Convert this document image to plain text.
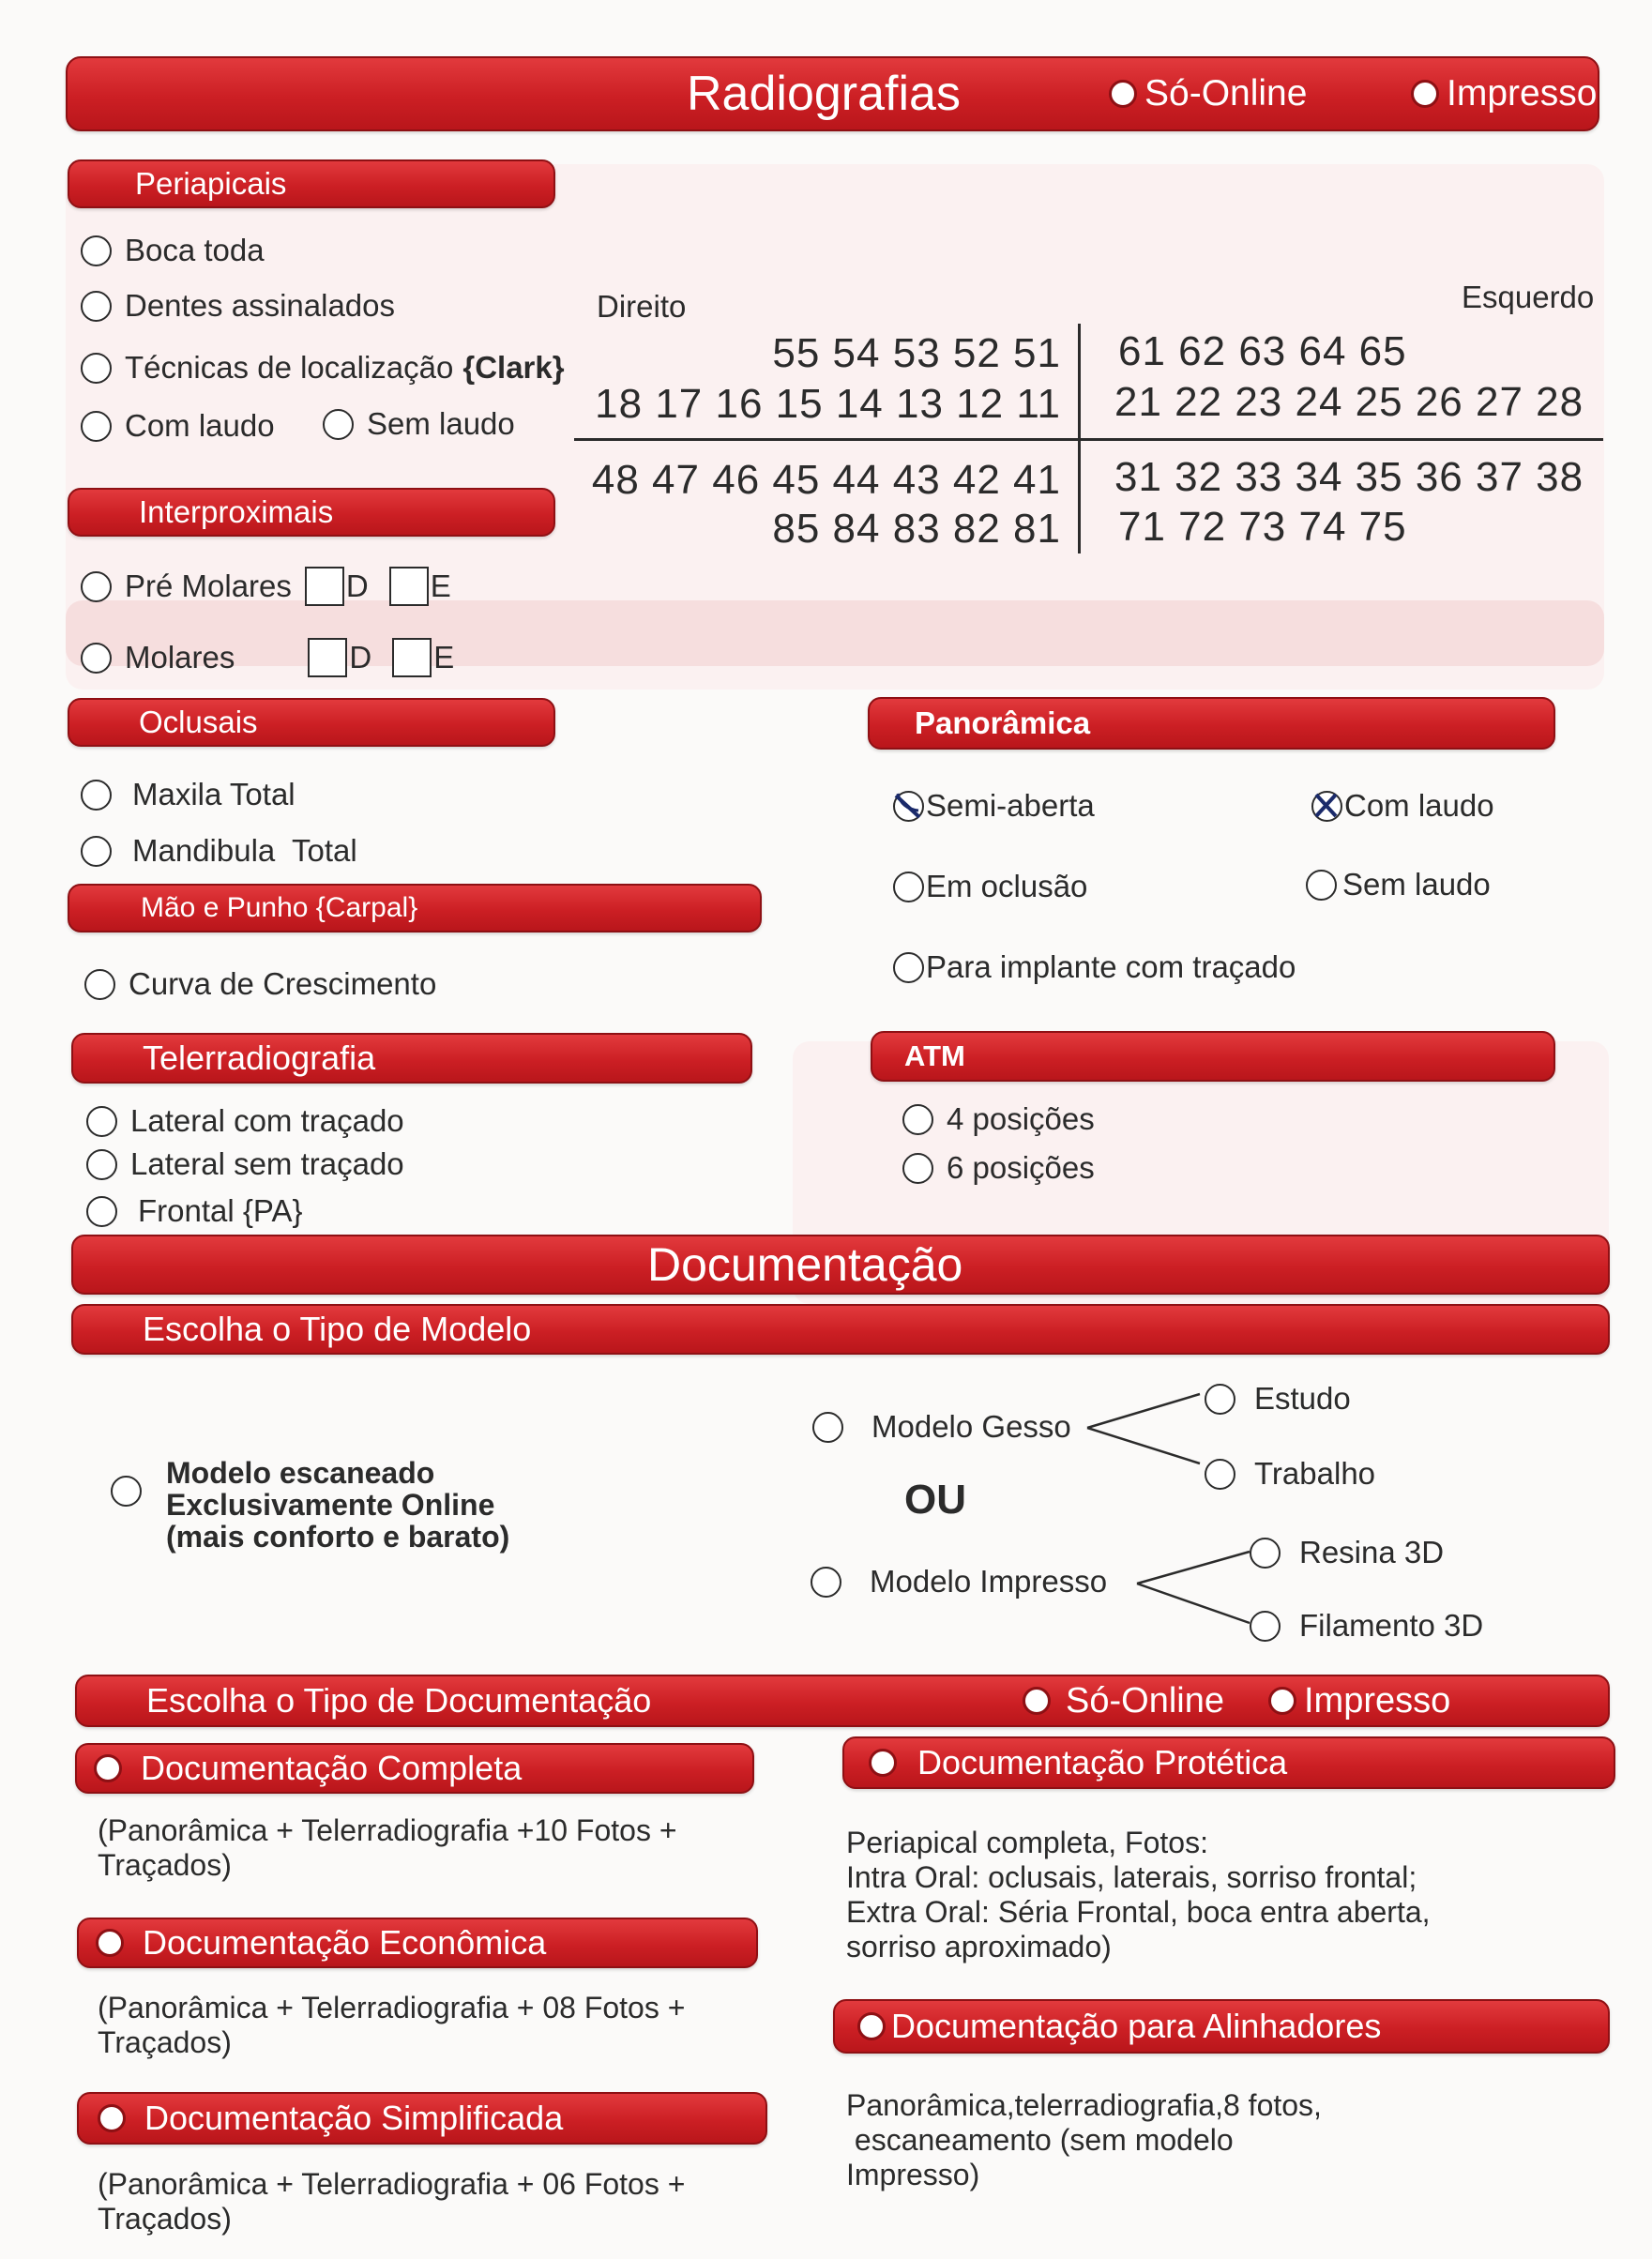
Radiografias	Só-Online	Impresso
Periapicais
Boca toda
Dentes assinalados
Técnicas de localização {Clark}
Com laudo	Sem laudo
Direito	Esquerdo
55 54 53 52 51 61 62 63 64 65
18 17 16 15 14 13 12 11 21 22 23 24 25 26 27 28
48 47 46 45 44 43 42 41 31 32 33 34 35 36 37 38
85 84 83 82 81 71 72 73 74 75
Interproximais
Pré Molares D E
Molares	D E
Oclusais
Maxila Total
Mandibula  Total
Panorâmica
Semi-aberta	Com laudo
Em oclusão	Sem laudo
Para implante com traçado
Mão e Punho {Carpal}
Curva de Crescimento
Telerradiografia
Lateral com traçado
Lateral sem traçado
Frontal {PA}
ATM
4 posições
6 posições
Documentação
Escolha o Tipo de Modelo
Modelo escaneado
Exclusivamente Online
(mais conforto e barato)
Modelo Gesso
Estudo
Trabalho
OU
Modelo Impresso
Resina 3D
Filamento 3D
Escolha o Tipo de Documentação	Só-Online Impresso
Documentação Completa
(Panorâmica + Telerradiografia +10 Fotos +
Traçados)
Documentação Protética
Periapical completa, Fotos:
Intra Oral: oclusais, laterais, sorriso frontal;
Extra Oral: Séria Frontal, boca entra aberta,
sorriso aproximado)
Documentação Econômica
(Panorâmica + Telerradiografia + 08 Fotos +
Traçados)	Documentação para Alinhadores
Panorâmica,telerradiografia,8 fotos,
escaneamento (sem modelo
Impresso)
Documentação Simplificada
(Panorâmica + Telerradiografia + 06 Fotos +
Traçados)
